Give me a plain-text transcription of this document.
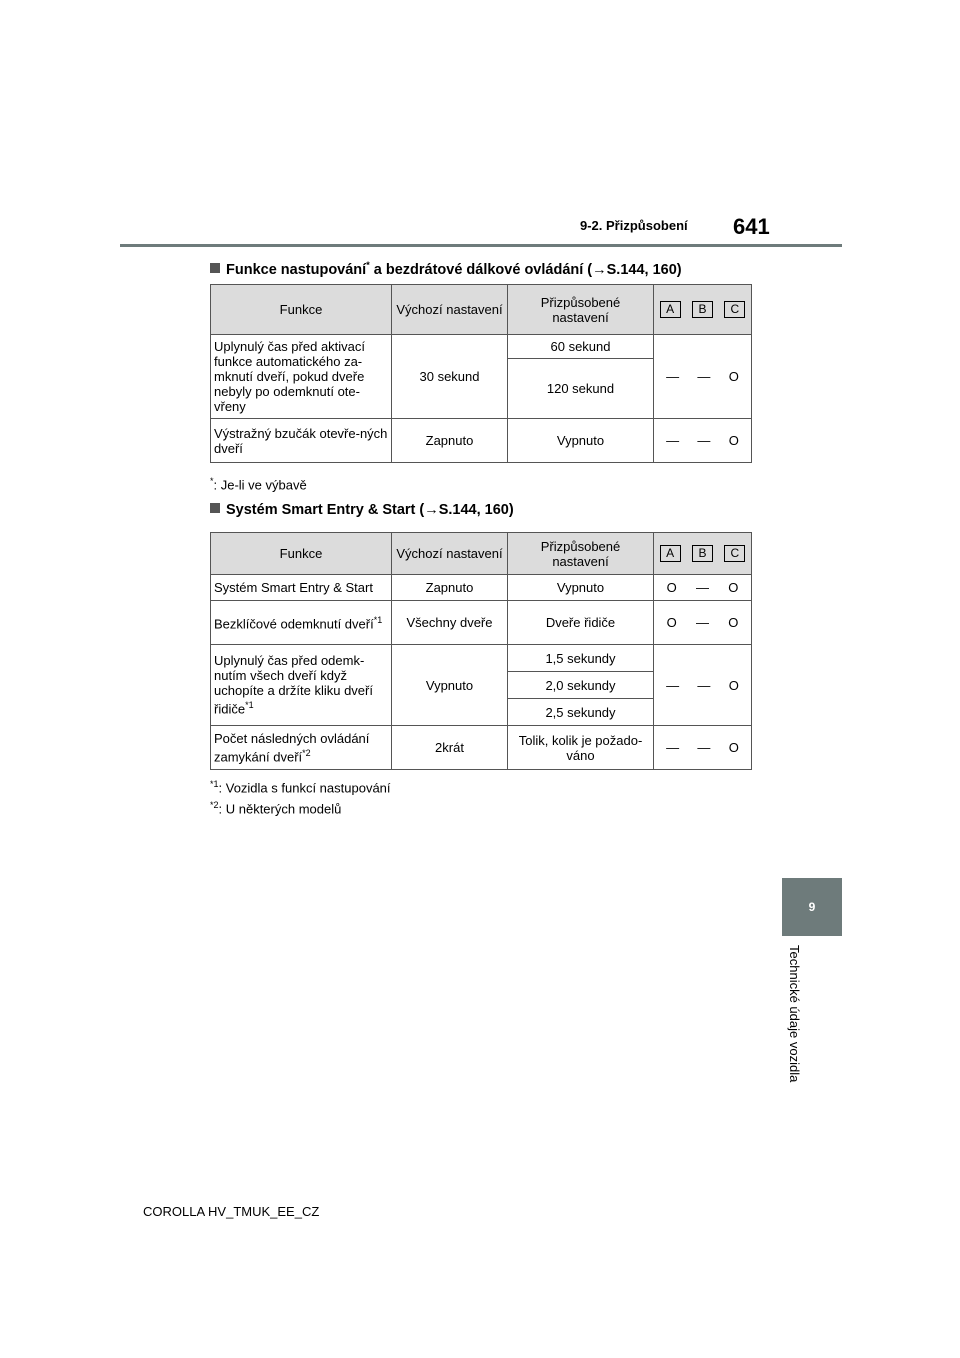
9-2. Přizpůsobení 641
9
Technické údaje vozidla
Funkce nastupování* a bezdrátové dálkové ovládání (→S.144, 160)
Funkce	Výchozí nastavení	Přizpůsobené nastavení	A B C

Uplynulý čas před aktivací funkce automatického za-mknutí dveří, pokud dveře nebyly po odemknutí ote-vřeny	30 sekund	60 sekund	— — O

		120 sekund	
Výstražný bzučák otevře-ných dveří	Zapnuto	Vypnuto	— — O
*: Je-li ve výbavě
Systém Smart Entry & Start (→S.144, 160)
Funkce	Výchozí nastavení	Přizpůsobené nastavení	A B C

Systém Smart Entry & Start	Zapnuto	Vypnuto	O — O

Bezklíčové odemknutí dveří$^{*1}$	Všechny dveře	Dveře řidiče	O — O

Uplynulý čas před odemk-nutím všech dveří když uchopíte a držíte kliku dveří řidiče$^{*1}$	Vypnuto	1,5 sekundy	— — O

		2,0 sekundy	
		2,5 sekundy	
Počet následných ovládání zamykání dveří$^{*2}$	2krát	Tolik, kolik je požado-váno	— — O
$^{*1}$: Vozidla s funkcí nastupování
$^{*2}$: U některých modelů
COROLLA HV_TMUK_EE_CZ
